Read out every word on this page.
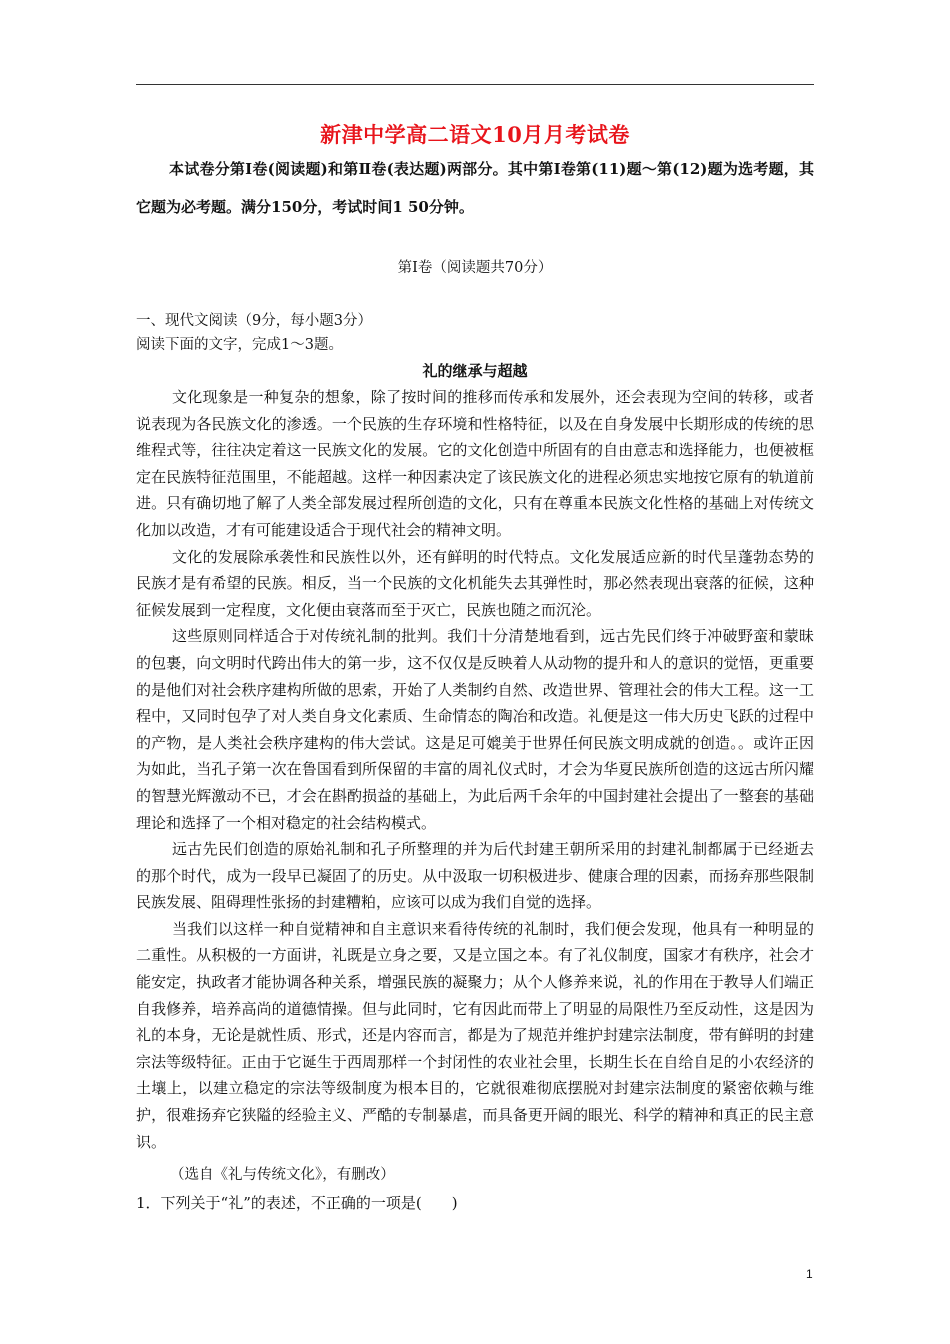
新津中学高二语文10月月考试卷
本试卷分第Ⅰ卷(阅读题)和第Ⅱ卷(表达题)两部分。其中第Ⅰ卷第(11)题～第(12)题为选考题，其它题为必考题。满分150分，考试时间1 50分钟。
第Ⅰ卷（阅读题共70分）
一、现代文阅读（9分，每小题3分）
阅读下面的文字，完成1～3题。
礼的继承与超越

文化现象是一种复杂的想象，除了按时间的推移而传承和发展外，还会表现为空间的转移，或者说表现为各民族文化的渗透。一个民族的生存环境和性格特征，以及在自身发展中长期形成的传统的思维程式等，往往决定着这一民族文化的发展。它的文化创造中所固有的自由意志和选择能力，也便被框定在民族特征范围里，不能超越。这样一种因素决定了该民族文化的进程必须忠实地按它原有的轨道前进。只有确切地了解了人类全部发展过程所创造的文化，只有在尊重本民族文化性格的基础上对传统文化加以改造，才有可能建设适合于现代社会的精神文明。

文化的发展除承袭性和民族性以外，还有鲜明的时代特点。文化发展适应新的时代呈蓬勃态势的民族才是有希望的民族。相反，当一个民族的文化机能失去其弹性时，那必然表现出衰落的征候，这种征候发展到一定程度，文化便由衰落而至于灭亡，民族也随之而沉沦。

这些原则同样适合于对传统礼制的批判。我们十分清楚地看到，远古先民们终于冲破野蛮和蒙昧的包裹，向文明时代跨出伟大的第一步，这不仅仅是反映着人从动物的提升和人的意识的觉悟，更重要的是他们对社会秩序建构所做的思索，开始了人类制约自然、改造世界、管理社会的伟大工程。这一工程中，又同时包孕了对人类自身文化素质、生命情态的陶冶和改造。礼便是这一伟大历史飞跃的过程中的产物，是人类社会秩序建构的伟大尝试。这是足可媲美于世界任何民族文明成就的创造。。或许正因为如此，当孔子第一次在鲁国看到所保留的丰富的周礼仪式时，才会为华夏民族所创造的这远古所闪耀的智慧光辉激动不已，才会在斟酌损益的基础上，为此后两千余年的中国封建社会提出了一整套的基础理论和选择了一个相对稳定的社会结构模式。

远古先民们创造的原始礼制和孔子所整理的并为后代封建王朝所采用的封建礼制都属于已经逝去的那个时代，成为一段早已凝固了的历史。从中汲取一切积极进步、健康合理的因素，而扬弃那些限制民族发展、阻碍理性张扬的封建糟粕，应该可以成为我们自觉的选择。

当我们以这样一种自觉精神和自主意识来看待传统的礼制时，我们便会发现，他具有一种明显的二重性。从积极的一方面讲，礼既是立身之要，又是立国之本。有了礼仪制度，国家才有秩序，社会才能安定，执政者才能协调各种关系，增强民族的凝聚力；从个人修养来说，礼的作用在于教导人们端正自我修养，培养高尚的道德情操。但与此同时，它有因此而带上了明显的局限性乃至反动性，这是因为礼的本身，无论是就性质、形式，还是内容而言，都是为了规范并维护封建宗法制度，带有鲜明的封建宗法等级特征。正由于它诞生于西周那样一个封闭性的农业社会里，长期生长在自给自足的小农经济的土壤上，以建立稳定的宗法等级制度为根本目的，它就很难彻底摆脱对封建宗法制度的紧密依赖与维护，很难扬弃它狭隘的经验主义、严酷的专制暴虐，而具备更开阔的眼光、科学的精神和真正的民主意识。

（选自《礼与传统文化》，有删改）
1．下列关于“礼”的表述，不正确的一项是(　　)
1
